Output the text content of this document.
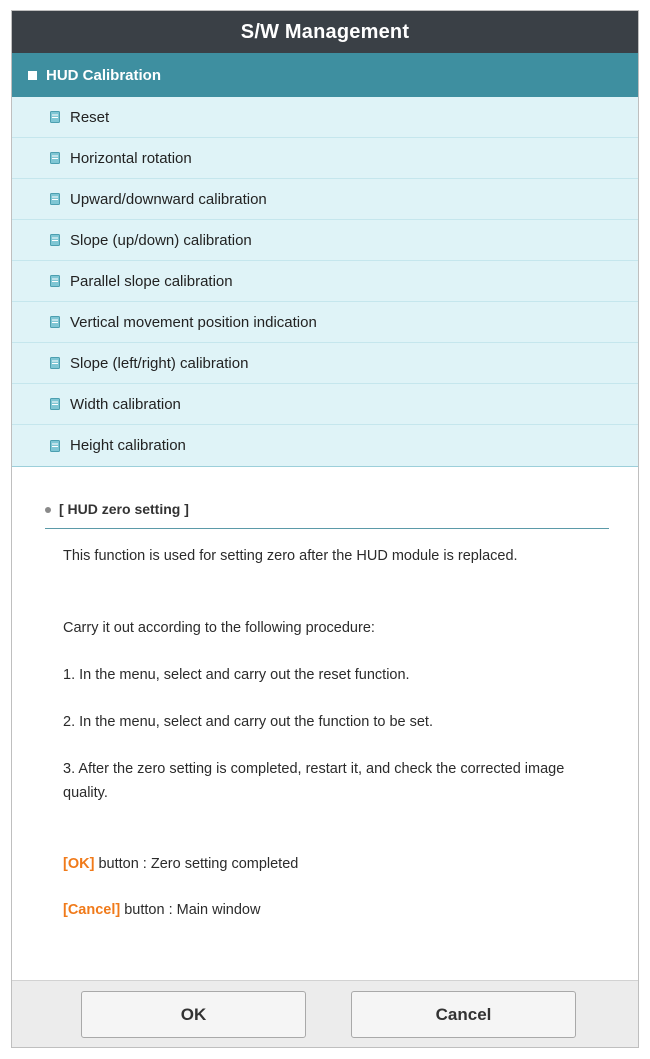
S/W Management
HUD Calibration
Reset
Horizontal rotation
Upward/downward calibration
Slope (up/down) calibration
Parallel slope calibration
Vertical movement position indication
Slope (left/right) calibration
Width calibration
Height calibration
[ HUD zero setting ]
This function is used for setting zero after the HUD module is replaced.
Carry it out according to the following procedure:
1. In the menu, select and carry out the reset function.
2. In the menu, select and carry out the function to be set.
3. After the zero setting is completed, restart it, and check the corrected image quality.
[OK] button : Zero setting completed
[Cancel] button : Main window
OK	Cancel
